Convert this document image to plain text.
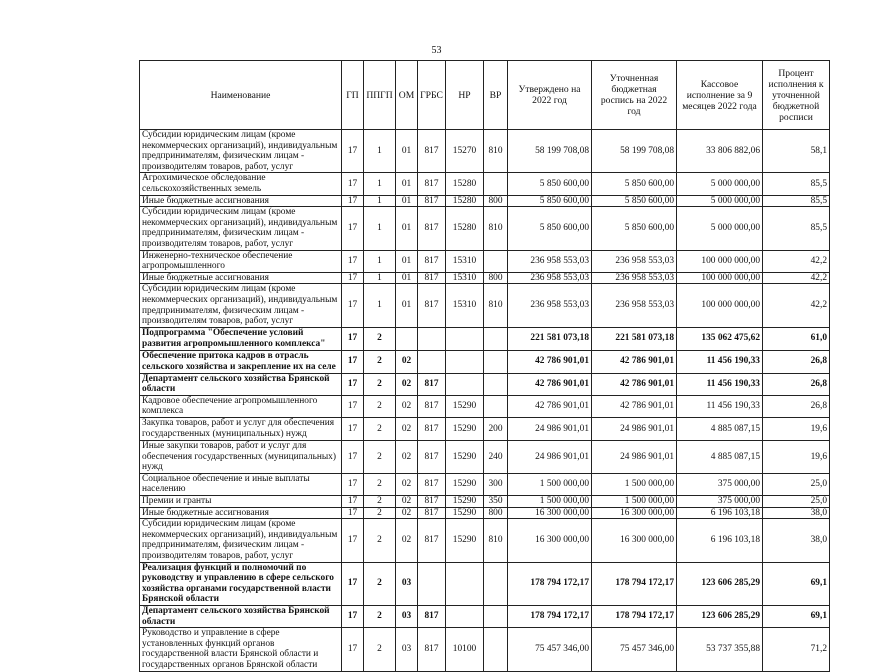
53
Наименование	ГП	ППГП	ОМ	ГРБС	НР	ВР	Утверждено на 2022 год	Уточненная бюджетная роспись на 2022 год	Кассовое исполнение за 9 месяцев 2022 года	Процент исполнения к уточненной бюджетной росписи
Субсидии юридическим лицам (кроме некоммерческих организаций), индивидуальным предпринимателям, физическим лицам - производителям товаров, работ, услуг	17	1	01	817	15270	810	58 199 708,08	58 199 708,08	33 806 882,06	58,1
Агрохимическое обследование сельскохозяйственных земель	17	1	01	817	15280		5 850 600,00	5 850 600,00	5 000 000,00	85,5
Иные бюджетные ассигнования	17	1	01	817	15280	800	5 850 600,00	5 850 600,00	5 000 000,00	85,5
Субсидии юридическим лицам (кроме некоммерческих организаций), индивидуальным предпринимателям, физическим лицам - производителям товаров, работ, услуг	17	1	01	817	15280	810	5 850 600,00	5 850 600,00	5 000 000,00	85,5
Инженерно-техническое обеспечение агропромышленного	17	1	01	817	15310		236 958 553,03	236 958 553,03	100 000 000,00	42,2
Иные бюджетные ассигнования	17	1	01	817	15310	800	236 958 553,03	236 958 553,03	100 000 000,00	42,2
Субсидии юридическим лицам (кроме некоммерческих организаций), индивидуальным предпринимателям, физическим лицам - производителям товаров, работ, услуг	17	1	01	817	15310	810	236 958 553,03	236 958 553,03	100 000 000,00	42,2
Подпрограмма "Обеспечение условий развития агропромышленного комплекса"	17	2					221 581 073,18	221 581 073,18	135 062 475,62	61,0
Обеспечение притока кадров в отрасль сельского хозяйства и закрепление их на селе	17	2	02				42 786 901,01	42 786 901,01	11 456 190,33	26,8
Департамент сельского хозяйства Брянской области	17	2	02	817			42 786 901,01	42 786 901,01	11 456 190,33	26,8
Кадровое обеспечение агропромышленного комплекса	17	2	02	817	15290		42 786 901,01	42 786 901,01	11 456 190,33	26,8
Закупка товаров, работ и услуг для обеспечения государственных (муниципальных) нужд	17	2	02	817	15290	200	24 986 901,01	24 986 901,01	4 885 087,15	19,6
Иные закупки товаров, работ и услуг для обеспечения государственных (муниципальных) нужд	17	2	02	817	15290	240	24 986 901,01	24 986 901,01	4 885 087,15	19,6
Социальное обеспечение и иные выплаты населению	17	2	02	817	15290	300	1 500 000,00	1 500 000,00	375 000,00	25,0
Премии и гранты	17	2	02	817	15290	350	1 500 000,00	1 500 000,00	375 000,00	25,0
Иные бюджетные ассигнования	17	2	02	817	15290	800	16 300 000,00	16 300 000,00	6 196 103,18	38,0
Субсидии юридическим лицам (кроме некоммерческих организаций), индивидуальным предпринимателям, физическим лицам - производителям товаров, работ, услуг	17	2	02	817	15290	810	16 300 000,00	16 300 000,00	6 196 103,18	38,0
Реализация функций и полномочий по руководству и управлению в сфере сельского хозяйства органами государственной власти Брянской области	17	2	03				178 794 172,17	178 794 172,17	123 606 285,29	69,1
Департамент сельского хозяйства Брянской области	17	2	03	817			178 794 172,17	178 794 172,17	123 606 285,29	69,1
Руководство и управление в сфере установленных функций органов государственной власти Брянской области и государственных органов Брянской области	17	2	03	817	10100		75 457 346,00	75 457 346,00	53 737 355,88	71,2
